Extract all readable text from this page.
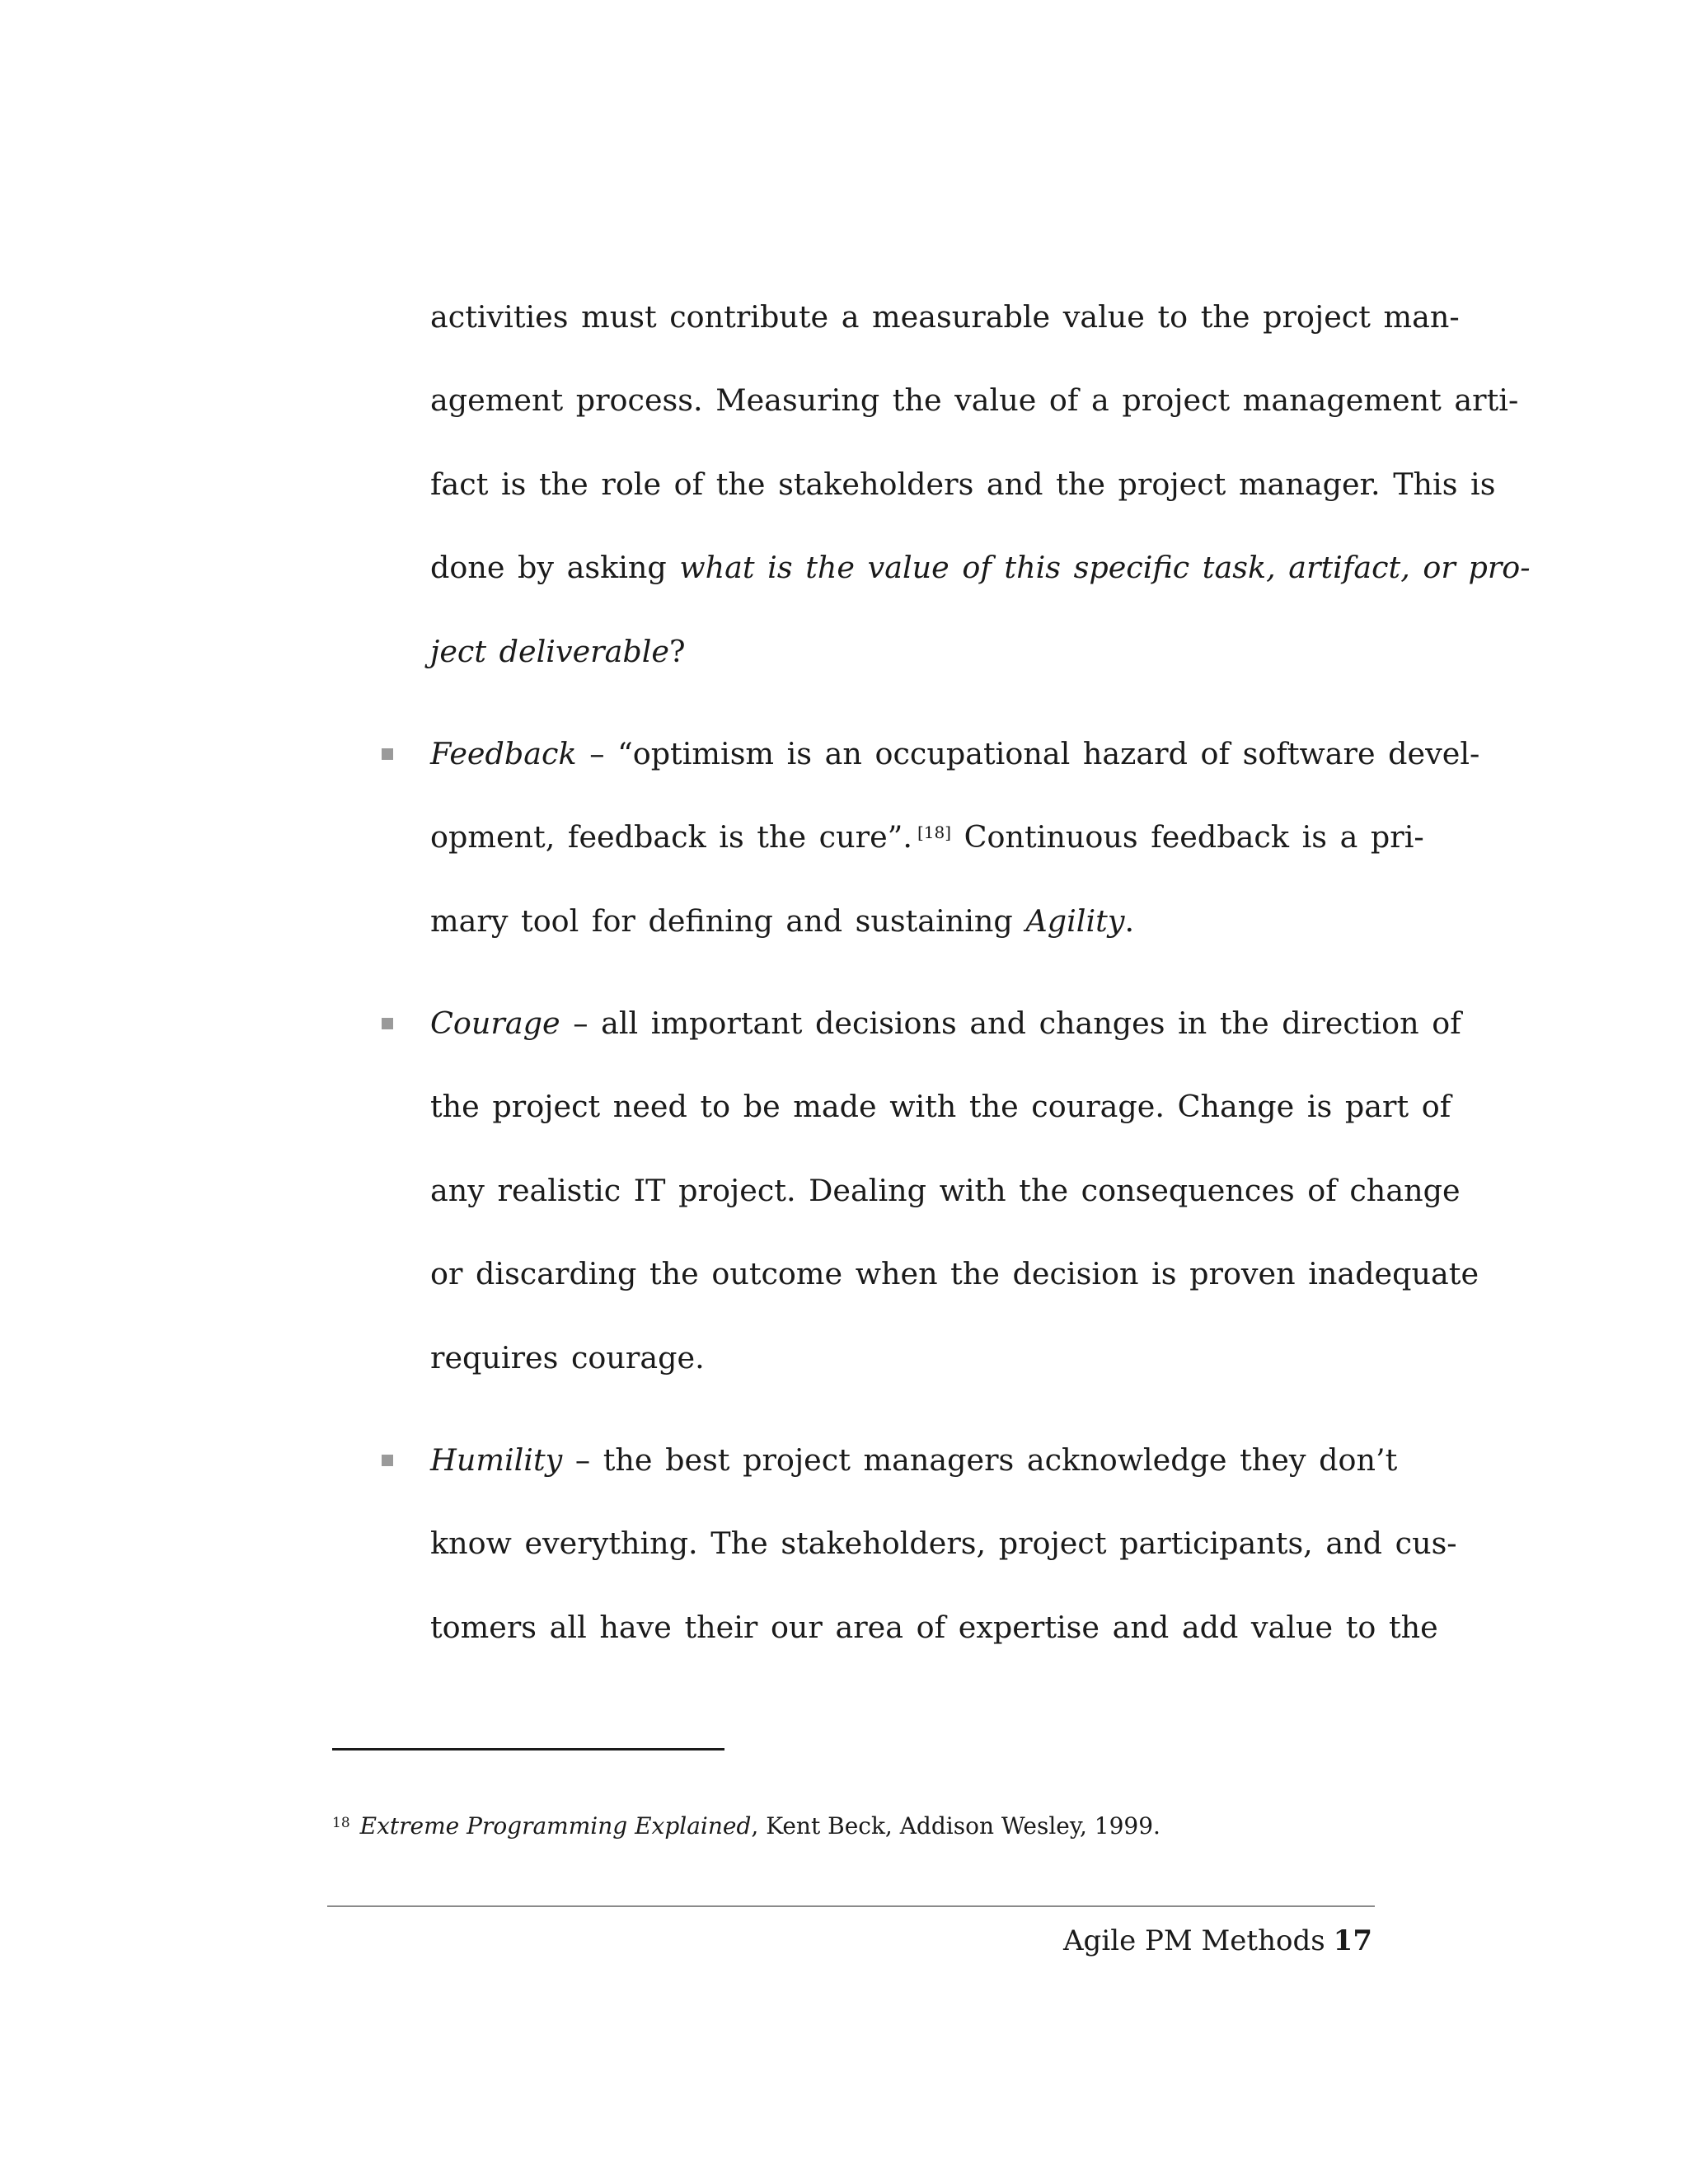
activities must contribute a measurable value to the project man-
agement process. Measuring the value of a project management arti-
fact is the role of the stakeholders and the project manager. This is
done by asking what is the value of this specific task, artifact, or pro-
ject deliverable?
Feedback – “optimism is an occupational hazard of software devel-
opment, feedback is the cure”. [18] Continuous feedback is a pri-
mary tool for defining and sustaining Agility.
Courage – all important decisions and changes in the direction of
the project need to be made with the courage. Change is part of
any realistic IT project. Dealing with the consequences of change
or discarding the outcome when the decision is proven inadequate
requires courage.
Humility – the best project managers acknowledge they don’t
know everything. The stakeholders, project participants, and cus-
tomers all have their our area of expertise and add value to the
$^{18}$ Extreme Programming Explained, Kent Beck, Addison Wesley, 1999.
Agile PM Methods 17
